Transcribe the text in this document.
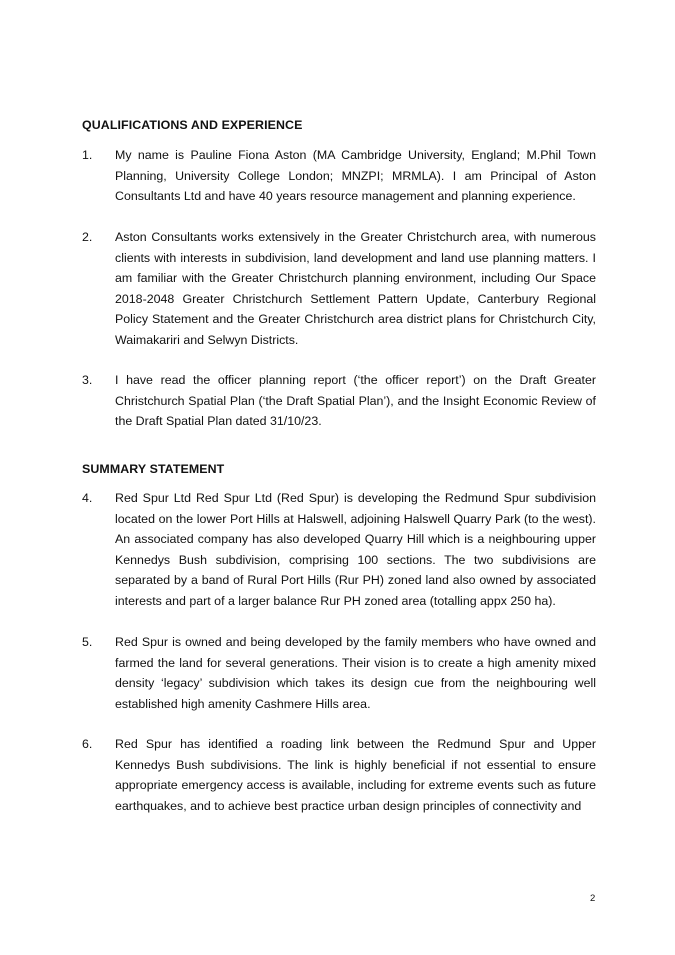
QUALIFICATIONS AND EXPERIENCE
1. My name is Pauline Fiona Aston (MA Cambridge University, England; M.Phil Town Planning, University College London; MNZPI; MRMLA). I am Principal of Aston Consultants Ltd and have 40 years resource management and planning experience.
2. Aston Consultants works extensively in the Greater Christchurch area, with numerous clients with interests in subdivision, land development and land use planning matters. I am familiar with the Greater Christchurch planning environment, including Our Space 2018-2048 Greater Christchurch Settlement Pattern Update, Canterbury Regional Policy Statement and the Greater Christchurch area district plans for Christchurch City, Waimakariri and Selwyn Districts.
3. I have read the officer planning report (‘the officer report’) on the Draft Greater Christchurch Spatial Plan (‘the Draft Spatial Plan’), and the Insight Economic Review of the Draft Spatial Plan dated 31/10/23.
SUMMARY STATEMENT
4. Red Spur Ltd Red Spur Ltd (Red Spur) is developing the Redmund Spur subdivision located on the lower Port Hills at Halswell, adjoining Halswell Quarry Park (to the west). An associated company has also developed Quarry Hill which is a neighbouring upper Kennedys Bush subdivision, comprising 100 sections. The two subdivisions are separated by a band of Rural Port Hills (Rur PH) zoned land also owned by associated interests and part of a larger balance Rur PH zoned area (totalling appx 250 ha).
5. Red Spur is owned and being developed by the family members who have owned and farmed the land for several generations. Their vision is to create a high amenity mixed density ‘legacy’ subdivision which takes its design cue from the neighbouring well established high amenity Cashmere Hills area.
6. Red Spur has identified a roading link between the Redmund Spur and Upper Kennedys Bush subdivisions. The link is highly beneficial if not essential to ensure appropriate emergency access is available, including for extreme events such as future earthquakes, and to achieve best practice urban design principles of connectivity and
2
